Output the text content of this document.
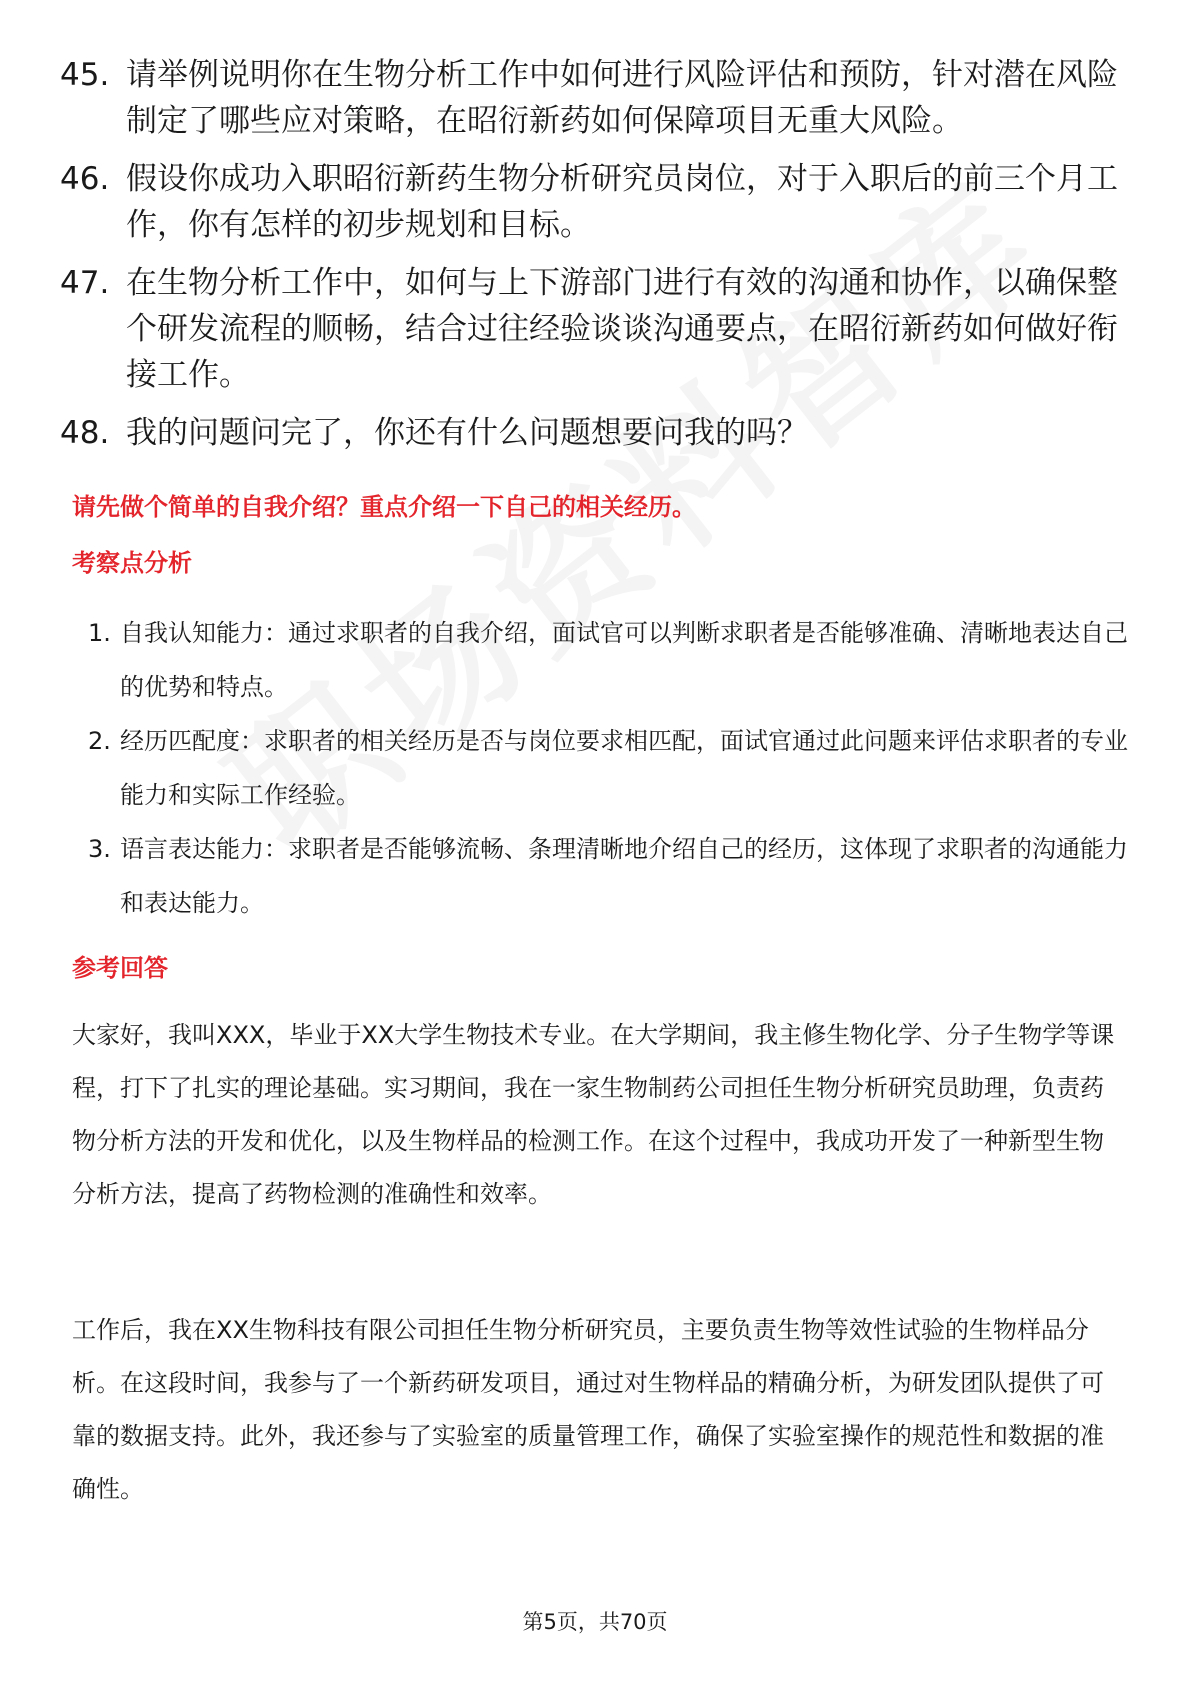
45. 请举例说明你在生物分析工作中如何进行风险评估和预防，针对潜在风险制定了哪些应对策略，在昭衍新药如何保障项目无重大风险。
46. 假设你成功入职昭衍新药生物分析研究员岗位，对于入职后的前三个月工作，你有怎样的初步规划和目标。
47. 在生物分析工作中，如何与上下游部门进行有效的沟通和协作，以确保整个研发流程的顺畅，结合过往经验谈谈沟通要点，在昭衍新药如何做好衔接工作。
48. 我的问题问完了，你还有什么问题想要问我的吗？
请先做个简单的自我介绍？重点介绍一下自己的相关经历。
考察点分析
1. 自我认知能力：通过求职者的自我介绍，面试官可以判断求职者是否能够准确、清晰地表达自己的优势和特点。
2. 经历匹配度：求职者的相关经历是否与岗位要求相匹配，面试官通过此问题来评估求职者的专业能力和实际工作经验。
3. 语言表达能力：求职者是否能够流畅、条理清晰地介绍自己的经历，这体现了求职者的沟通能力和表达能力。
参考回答

大家好，我叫XXX，毕业于XX大学生物技术专业。在大学期间，我主修生物化学、分子生物学等课程，打下了扎实的理论基础。实习期间，我在一家生物制药公司担任生物分析研究员助理，负责药物分析方法的开发和优化，以及生物样品的检测工作。在这个过程中，我成功开发了一种新型生物分析方法，提高了药物检测的准确性和效率。

工作后，我在XX生物科技有限公司担任生物分析研究员，主要负责生物等效性试验的生物样品分析。在这段时间，我参与了一个新药研发项目，通过对生物样品的精确分析，为研发团队提供了可靠的数据支持。此外，我还参与了实验室的质量管理工作，确保了实验室操作的规范性和数据的准确性。

第5页，共70页
